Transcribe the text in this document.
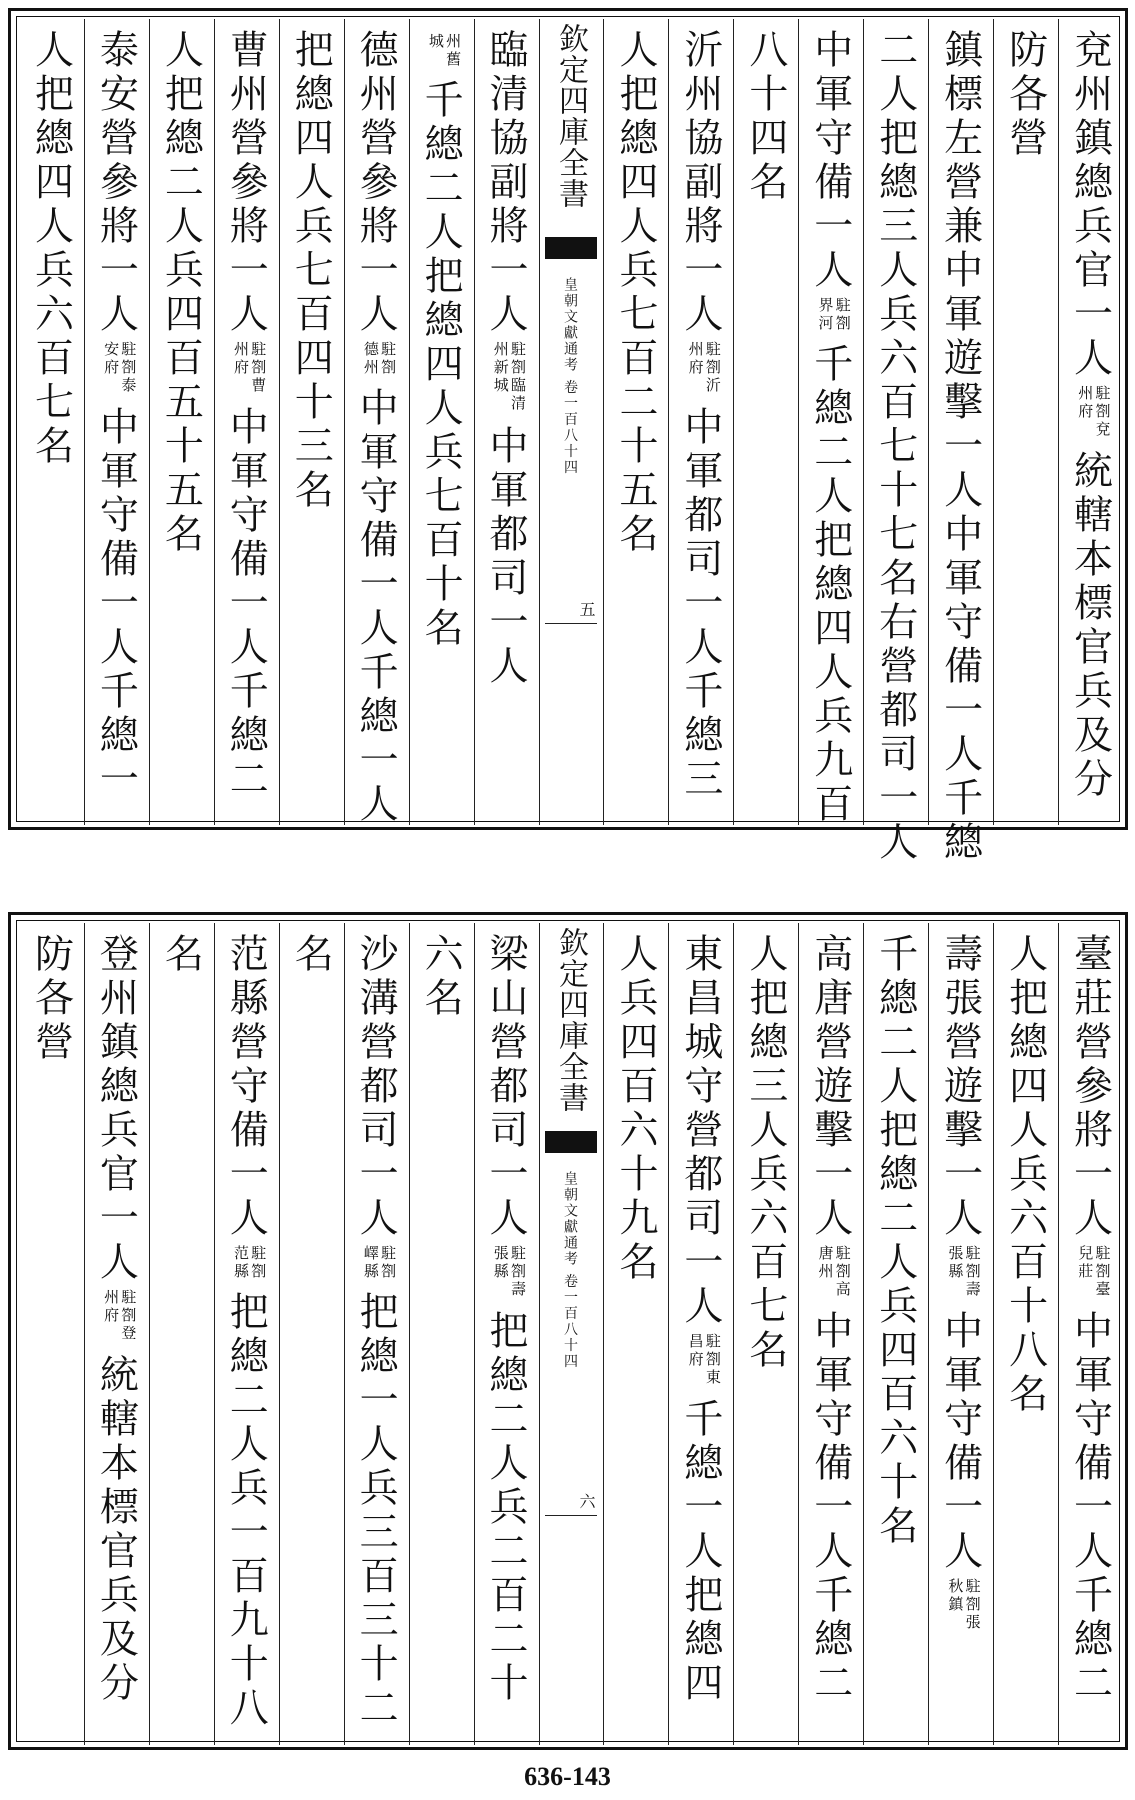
兗州鎮總兵官一人
駐劄兗州府
統轄本標官兵及分
防各營
鎮標左營兼中軍遊擊一人中軍守備一人千總
二人把總三人兵六百七十七名右營都司一人
中軍守備一人
駐劄界河
千總二人把總四人兵九百
八十四名
沂州協副將一人
駐劄沂州府
中軍都司一人千總三
人把總四人兵七百二十五名
欽定四庫全書
皇朝文獻通考 卷一百八十四
五
臨清協副將一人
駐劄臨清州新城
中軍都司一人
州舊城
千總二人把總四人兵七百十名
德州營參將一人
駐劄德州
中軍守備一人千總一人
把總四人兵七百四十三名
曹州營參將一人
駐劄曹州府
中軍守備一人千總二
人把總二人兵四百五十五名
泰安營參將一人
駐劄泰安府
中軍守備一人千總一
人把總四人兵六百七名
臺莊營參將一人
駐劄臺兒莊
中軍守備一人千總二
人把總四人兵六百十八名
壽張營遊擊一人
駐劄壽張縣
中軍守備一人
駐劄張秋鎮
千總二人把總二人兵四百六十名
高唐營遊擊一人
駐劄高唐州
中軍守備一人千總二
人把總三人兵六百七名
東昌城守營都司一人
駐劄東昌府
千總一人把總四
人兵四百六十九名
欽定四庫全書
皇朝文獻通考 卷一百八十四
六
梁山營都司一人
駐劄壽張縣
把總二人兵二百二十
六名
沙溝營都司一人
駐劄嶧縣
把總一人兵三百三十二
名
范縣營守備一人
駐劄范縣
把總二人兵一百九十八
名
登州鎮總兵官一人
駐劄登州府
統轄本標官兵及分
防各營
636-143
